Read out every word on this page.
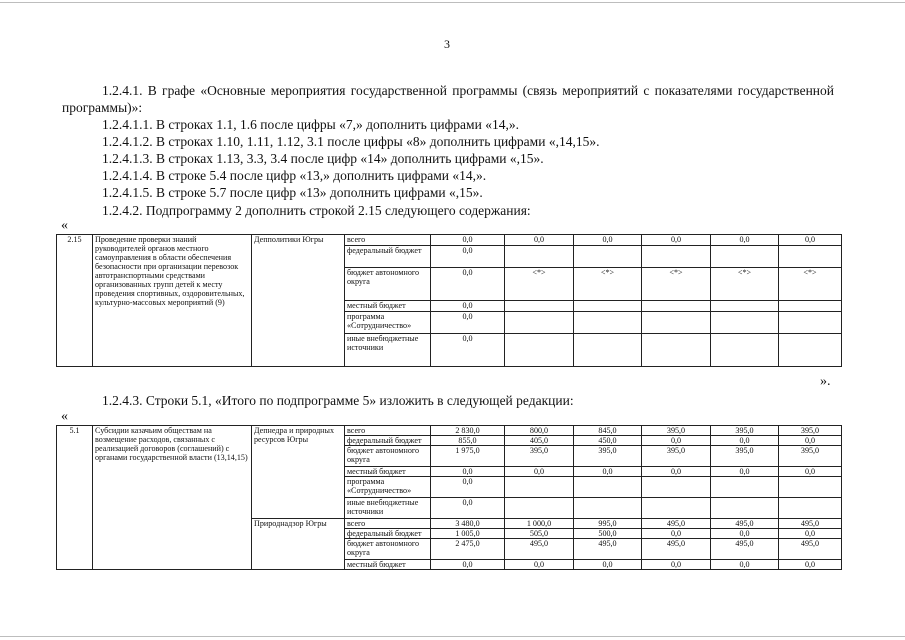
3
1.2.4.1. В графе «Основные мероприятия государственной программы (связь мероприятий с показателями государственной программы)»:
1.2.4.1.1. В строках 1.1, 1.6 после цифры «7,» дополнить цифрами «14,».
1.2.4.1.2. В строках 1.10, 1.11, 1.12, 3.1 после цифры «8» дополнить цифрами «,14,15».
1.2.4.1.3. В строках 1.13, 3.3, 3.4 после цифр «14» дополнить цифрами «,15».
1.2.4.1.4. В строке 5.4 после цифр «13,» дополнить цифрами «14,».
1.2.4.1.5. В строке 5.7 после цифр «13» дополнить цифрами «,15».
1.2.4.2. Подпрограмму 2 дополнить строкой 2.15 следующего содержания:
«
2.15	Проведение проверки знаний руководителей органов местного самоуправления в области обеспечения безопасности при организации перевозок автотранспортными средствами организованных групп детей к месту проведения спортивных, оздоровительных, культурно-массовых мероприятий (9)	Депполитики Югры	всего	0,0	0,0	0,0	0,0	0,0	0,0
			федеральный бюджет	0,0					
			бюджет автономного округа	0,0	<*>	<*>	<*>	<*>	<*>
			местный бюджет	0,0					
			программа «Сотрудничество»	0,0					
			иные внебюджетные источники	0,0					
».
1.2.4.3. Строки 5.1, «Итого по подпрограмме 5» изложить в следующей редакции:
«
5.1	Субсидии казачьим обществам на возмещение расходов, связанных с реализацией договоров (соглашений) с органами государственной власти (13,14,15)	Депнедра и природных ресурсов Югры	всего	2 830,0	800,0	845,0	395,0	395,0	395,0
			федеральный бюджет	855,0	405,0	450,0	0,0	0,0	0,0
			бюджет автономного округа	1 975,0	395,0	395,0	395,0	395,0	395,0
			местный бюджет	0,0	0,0	0,0	0,0	0,0	0,0
			программа «Сотрудничество»	0,0					
			иные внебюджетные источники	0,0					
		Природнадзор Югры	всего	3 480,0	1 000,0	995,0	495,0	495,0	495,0
			федеральный бюджет	1 005,0	505,0	500,0	0,0	0,0	0,0
			бюджет автономного округа	2 475,0	495,0	495,0	495,0	495,0	495,0
			местный бюджет	0,0	0,0	0,0	0,0	0,0	0,0
